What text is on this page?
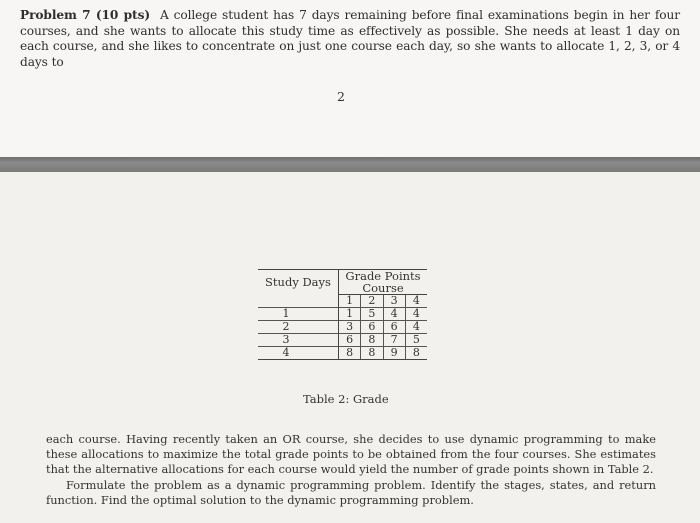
Problem 7 (10 pts) A college student has 7 days remaining before final examinations begin in her four courses, and she wants to allocate this study time as effectively as possible. She needs at least 1 day on each course, and she likes to concentrate on just one course each day, so she wants to allocate 1, 2, 3, or 4 days to
2
Study Days	Grade Points			
	Course			
	1	2	3	4
1	1	5	4	4
2	3	6	6	4
3	6	8	7	5
4	8	8	9	8
Table 2: Grade
each course. Having recently taken an OR course, she decides to use dynamic programming to make these allocations to maximize the total grade points to be obtained from the four courses. She estimates that the alternative allocations for each course would yield the number of grade points shown in Table 2.
Formulate the problem as a dynamic programming problem. Identify the stages, states, and return function. Find the optimal solution to the dynamic programming problem.
